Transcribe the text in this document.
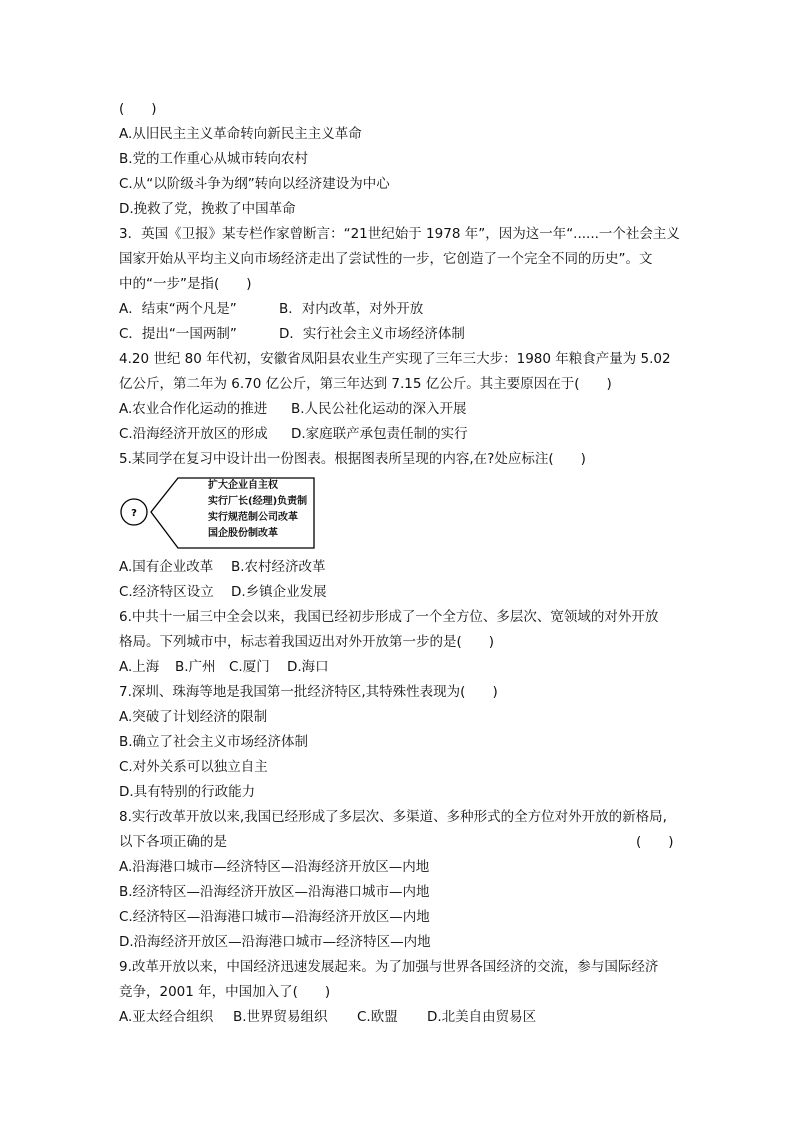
(　　)
A.从旧民主主义革命转向新民主主义革命
B.党的工作重心从城市转向农村
C.从“以阶级斗争为纲”转向以经济建设为中心
D.挽救了党，挽救了中国革命
3．英国《卫报》某专栏作家曾断言：“21世纪始于 1978 年”，因为这一年“......一个社会主义
国家开始从平均主义向市场经济走出了尝试性的一步，它创造了一个完全不同的历史”。文
中的“一步”是指(　　)
A．结束“两个凡是”	B．对内改革，对外开放
C．提出“一国两制”	D．实行社会主义市场经济体制
4.20 世纪 80 年代初，安徽省凤阳县农业生产实现了三年三大步：1980 年粮食产量为 5.02
亿公斤，第二年为 6.70 亿公斤，第三年达到 7.15 亿公斤。其主要原因在于(　　)
A.农业合作化运动的推进 B.人民公社化运动的深入开展
C.沿海经济开放区的形成 D.家庭联产承包责任制的实行
5.某同学在复习中设计出一份图表。根据图表所呈现的内容,在?处应标注(　　)
?
扩大企业自主权
实行厂长(经理)负责制
实行规范制公司改革
国企股份制改革
A.国有企业改革 B.农村经济改革
C.经济特区设立 D.乡镇企业发展
6.中共十一届三中全会以来，我国已经初步形成了一个全方位、多层次、宽领域的对外开放
格局。下列城市中，标志着我国迈出对外开放第一步的是(　　)
A.上海 B.广州 C.厦门 D.海口
7.深圳、珠海等地是我国第一批经济特区,其特殊性表现为(　　)
A.突破了计划经济的限制
B.确立了社会主义市场经济体制
C.对外关系可以独立自主
D.具有特别的行政能力
8.实行改革开放以来,我国已经形成了多层次、多渠道、多种形式的全方位对外开放的新格局,
以下各项正确的是	(　　)
A.沿海港口城市—经济特区—沿海经济开放区—内地
B.经济特区—沿海经济开放区—沿海港口城市—内地
C.经济特区—沿海港口城市—沿海经济开放区—内地
D.沿海经济开放区—沿海港口城市—经济特区—内地
9.改革开放以来，中国经济迅速发展起来。为了加强与世界各国经济的交流，参与国际经济
竞争，2001 年，中国加入了(　　)
A.亚太经合组织 B.世界贸易组织 C.欧盟 D.北美自由贸易区
